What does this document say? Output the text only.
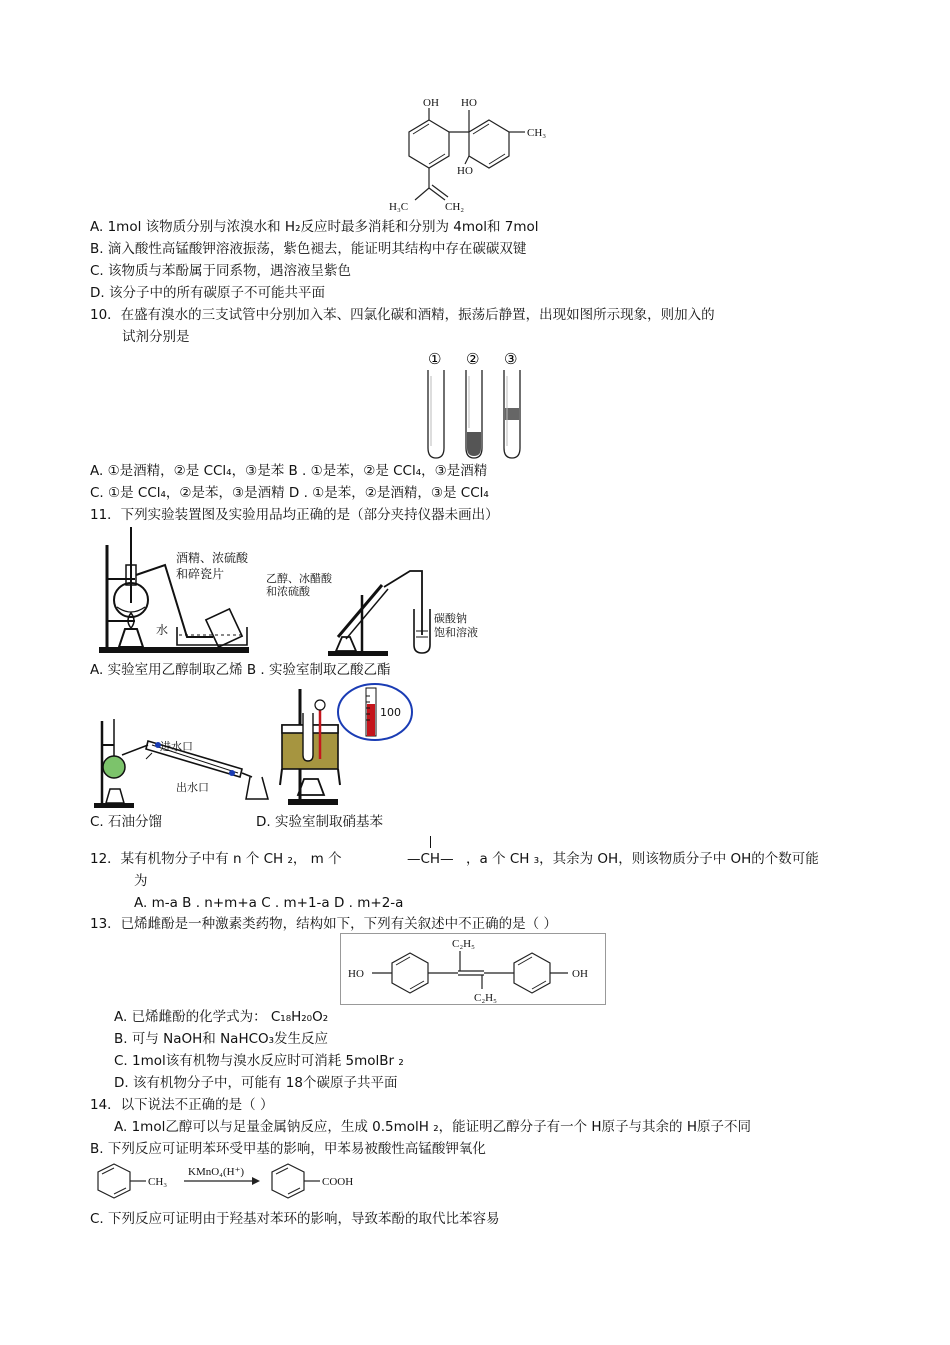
OH HO
HO
CH₃
H₃C	CH₂
A. 1mol 该物质分别与浓溴水和 H₂反应时最多消耗和分别为 4mol和 7mol
B. 滴入酸性高锰酸钾溶液振荡，紫色褪去，能证明其结构中存在碳碳双键
C. 该物质与苯酚属于同系物，遇溶液呈紫色
D. 该分子中的所有碳原子不可能共平面
10．在盛有溴水的三支试管中分别加入苯、四氯化碳和酒精，振荡后静置，出现如图所示现象，则加入的
试剂分别是
① ② ③
A. ①是酒精，②是 CCl₄，③是苯 B . ①是苯，②是 CCl₄，③是酒精
C. ①是 CCl₄，②是苯，③是酒精 D . ①是苯，②是酒精，③是 CCl₄
11．下列实验装置图及实验用品均正确的是（部分夹持仪器未画出）
酒精、浓硫酸
和碎瓷片
水
乙醇、冰醋酸
和浓硫酸
碳酸钠
饱和溶液
A. 实验室用乙醇制取乙烯 B . 实验室制取乙酸乙酯
进水口
出水口
100
C. 石油分馏	D. 实验室制取硝基苯
12．某有机物分子中有 n 个 CH ₂， m 个	—CH— ，a 个 CH ₃，其余为 OH，则该物质分子中 OH的个数可能
为
A. m-a B . n+m+a C . m+1-a D . m+2-a
13．已烯雌酚是一种激素类药物，结构如下，下列有关叙述中不正确的是（ ）
HO	OH
C₂H₅
C₂H₅
A. 已烯雌酚的化学式为： C₁₈H₂₀O₂
B. 可与 NaOH和 NaHCO₃发生反应
C. 1mol该有机物与溴水反应时可消耗 5molBr ₂
D. 该有机物分子中，可能有 18个碳原子共平面
14．以下说法不正确的是（ ）
A. 1mol乙醇可以与足量金属钠反应，生成 0.5molH ₂，能证明乙醇分子有一个 H原子与其余的 H原子不同
B. 下列反应可证明苯环受甲基的影响，甲苯易被酸性高锰酸钾氧化
CH₃
KMnO₄(H⁺)
COOH
C. 下列反应可证明由于羟基对苯环的影响，导致苯酚的取代比苯容易
